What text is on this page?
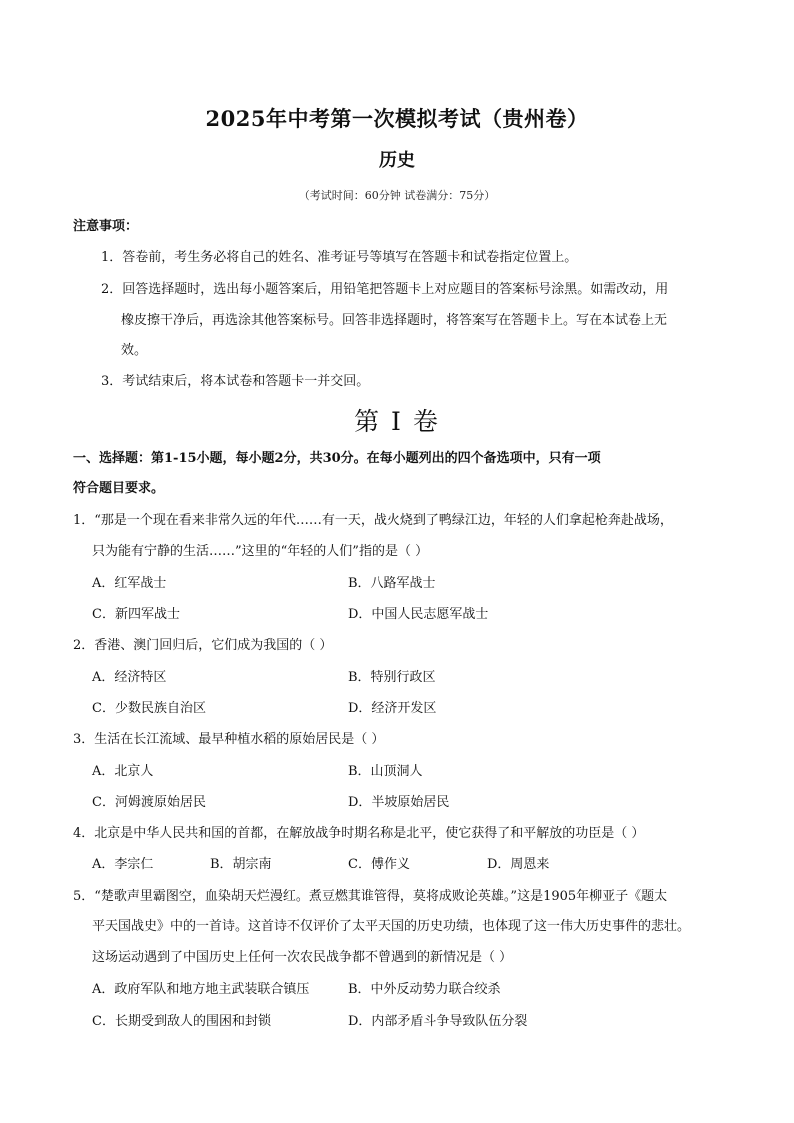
2025年中考第一次模拟考试（贵州卷）
历史
（考试时间：60分钟 试卷满分：75分）
注意事项：
1．答卷前，考生务必将自己的姓名、准考证号等填写在答题卡和试卷指定位置上。
2．回答选择题时，选出每小题答案后，用铅笔把答题卡上对应题目的答案标号涂黑。如需改动，用
橡皮擦干净后，再选涂其他答案标号。回答非选择题时，将答案写在答题卡上。写在本试卷上无
效。
3．考试结束后，将本试卷和答题卡一并交回。
第 I 卷
一、选择题：第1-15小题，每小题2分，共30分。在每小题列出的四个备选项中，只有一项
符合题目要求。
1．“那是一个现在看来非常久远的年代……有一天，战火烧到了鸭绿江边，年轻的人们拿起枪奔赴战场，
只为能有宁静的生活……”这里的“年轻的人们”指的是（ ）
A．红军战士	B．八路军战士
C．新四军战士	D．中国人民志愿军战士
2．香港、澳门回归后，它们成为我国的（ ）
A．经济特区	B．特别行政区
C．少数民族自治区	D．经济开发区
3．生活在长江流域、最早种植水稻的原始居民是（ ）
A．北京人	B．山顶洞人
C．河姆渡原始居民	D．半坡原始居民
4．北京是中华人民共和国的首都，在解放战争时期名称是北平，使它获得了和平解放的功臣是（ ）
A．李宗仁	B．胡宗南	C．傅作义	D．周恩来
5．“楚歌声里霸图空，血染胡天烂漫红。煮豆燃萁谁管得，莫将成败论英雄。”这是1905年柳亚子《题太
平天国战史》中的一首诗。这首诗不仅评价了太平天国的历史功绩，也体现了这一伟大历史事件的悲壮。
这场运动遇到了中国历史上任何一次农民战争都不曾遇到的新情况是（ ）
A．政府军队和地方地主武装联合镇压	B．中外反动势力联合绞杀
C．长期受到敌人的围困和封锁	D．内部矛盾斗争导致队伍分裂
